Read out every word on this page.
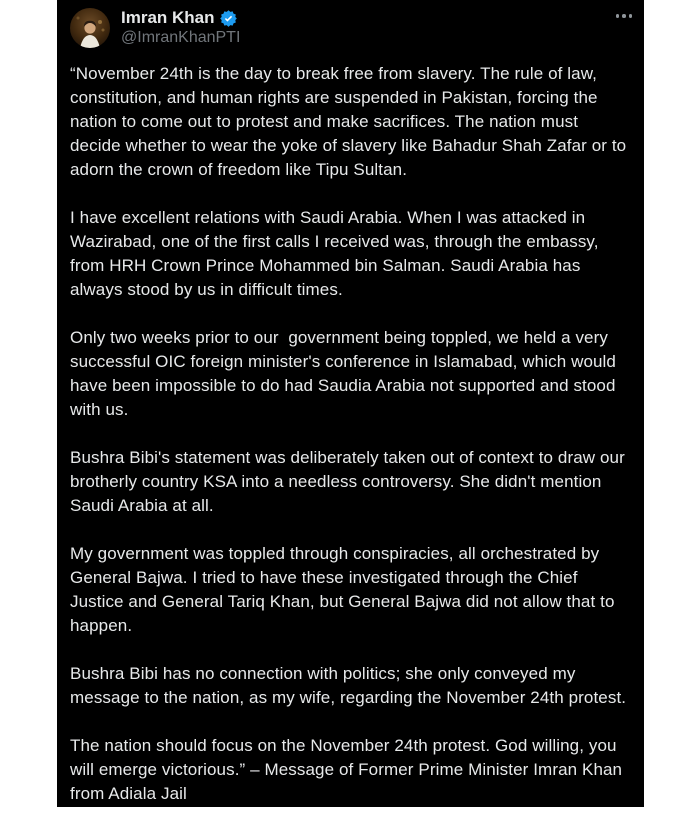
Imran Khan
@ImranKhanPTI

“November 24th is the day to break free from slavery. The rule of law, constitution, and human rights are suspended in Pakistan, forcing the nation to come out to protest and make sacrifices. The nation must decide whether to wear the yoke of slavery like Bahadur Shah Zafar or to adorn the crown of freedom like Tipu Sultan.

I have excellent relations with Saudi Arabia. When I was attacked in Wazirabad, one of the first calls I received was, through the embassy, from HRH Crown Prince Mohammed bin Salman. Saudi Arabia has always stood by us in difficult times.

Only two weeks prior to our  government being toppled, we held a very successful OIC foreign minister's conference in Islamabad, which would have been impossible to do had Saudia Arabia not supported and stood with us.

Bushra Bibi's statement was deliberately taken out of context to draw our brotherly country KSA into a needless controversy. She didn't mention Saudi Arabia at all.

My government was toppled through conspiracies, all orchestrated by General Bajwa. I tried to have these investigated through the Chief Justice and General Tariq Khan, but General Bajwa did not allow that to happen.

Bushra Bibi has no connection with politics; she only conveyed my message to the nation, as my wife, regarding the November 24th protest.

The nation should focus on the November 24th protest. God willing, you will emerge victorious.” – Message of Former Prime Minister Imran Khan from Adiala Jail
